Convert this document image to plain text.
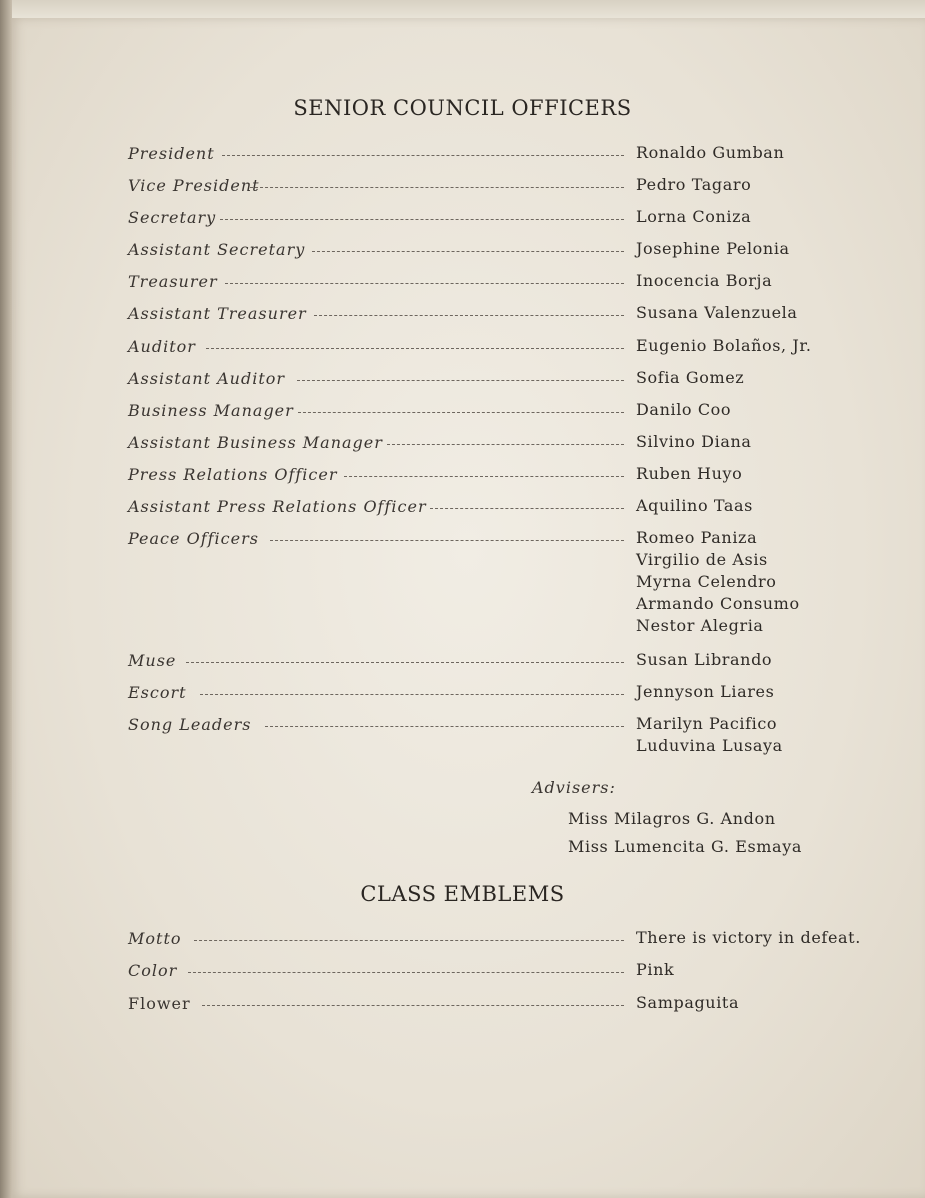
SENIOR COUNCIL OFFICERS
President	Ronaldo Gumban
Vice President	Pedro Tagaro
Secretary	Lorna Coniza
Assistant Secretary	Josephine Pelonia
Treasurer	Inocencia Borja
Assistant Treasurer	Susana Valenzuela
Auditor	Eugenio Bolaños, Jr.
Assistant Auditor	Sofia Gomez
Business Manager	Danilo Coo
Assistant Business Manager	Silvino Diana
Press Relations Officer	Ruben Huyo
Assistant Press Relations Officer	Aquilino Taas
Peace Officers	Romeo Paniza
Virgilio de Asis
Myrna Celendro
Armando Consumo
Nestor Alegria
Muse	Susan Librando
Escort	Jennyson Liares
Song Leaders	Marilyn Pacifico
Luduvina Lusaya
Advisers:
Miss Milagros G. Andon
Miss Lumencita G. Esmaya
CLASS EMBLEMS
Motto	There is victory in defeat.
Color	Pink
Flower	Sampaguita
